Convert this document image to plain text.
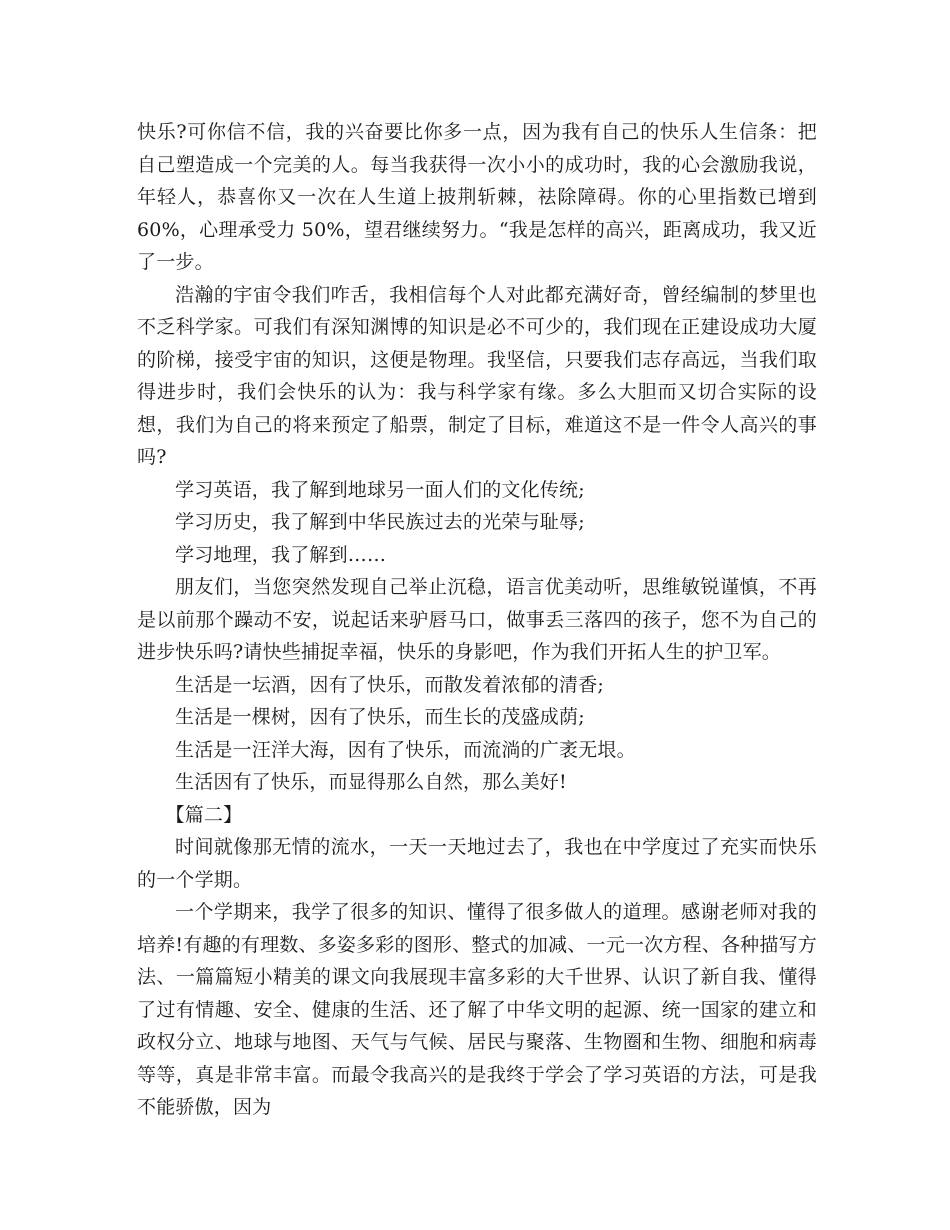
快乐?可你信不信，我的兴奋要比你多一点，因为我有自己的快乐人生信条：把自己塑造成一个完美的人。每当我获得一次小小的成功时，我的心会激励我说，年轻人，恭喜你又一次在人生道上披荆斩棘，祛除障碍。你的心里指数已增到 60%，心理承受力 50%，望君继续努力。“我是怎样的高兴，距离成功，我又近了一步。

浩瀚的宇宙令我们咋舌，我相信每个人对此都充满好奇，曾经编制的梦里也不乏科学家。可我们有深知渊博的知识是必不可少的，我们现在正建设成功大厦的阶梯，接受宇宙的知识，这便是物理。我坚信，只要我们志存高远，当我们取得进步时，我们会快乐的认为：我与科学家有缘。多么大胆而又切合实际的设想，我们为自己的将来预定了船票，制定了目标，难道这不是一件令人高兴的事吗?

学习英语，我了解到地球另一面人们的文化传统;

学习历史，我了解到中华民族过去的光荣与耻辱;

学习地理，我了解到……

朋友们，当您突然发现自己举止沉稳，语言优美动听，思维敏锐谨慎，不再是以前那个躁动不安，说起话来驴唇马口，做事丢三落四的孩子，您不为自己的进步快乐吗?请快些捕捉幸福，快乐的身影吧，作为我们开拓人生的护卫军。

生活是一坛酒，因有了快乐，而散发着浓郁的清香;

生活是一棵树，因有了快乐，而生长的茂盛成荫;

生活是一汪洋大海，因有了快乐，而流淌的广袤无垠。

生活因有了快乐，而显得那么自然，那么美好!

【篇二】

时间就像那无情的流水，一天一天地过去了，我也在中学度过了充实而快乐的一个学期。

一个学期来，我学了很多的知识、懂得了很多做人的道理。感谢老师对我的培养!有趣的有理数、多姿多彩的图形、整式的加减、一元一次方程、各种描写方法、一篇篇短小精美的课文向我展现丰富多彩的大千世界、认识了新自我、懂得了过有情趣、安全、健康的生活、还了解了中华文明的起源、统一国家的建立和政权分立、地球与地图、天气与气候、居民与聚落、生物圈和生物、细胞和病毒等等，真是非常丰富。而最令我高兴的是我终于学会了学习英语的方法，可是我不能骄傲，因为
